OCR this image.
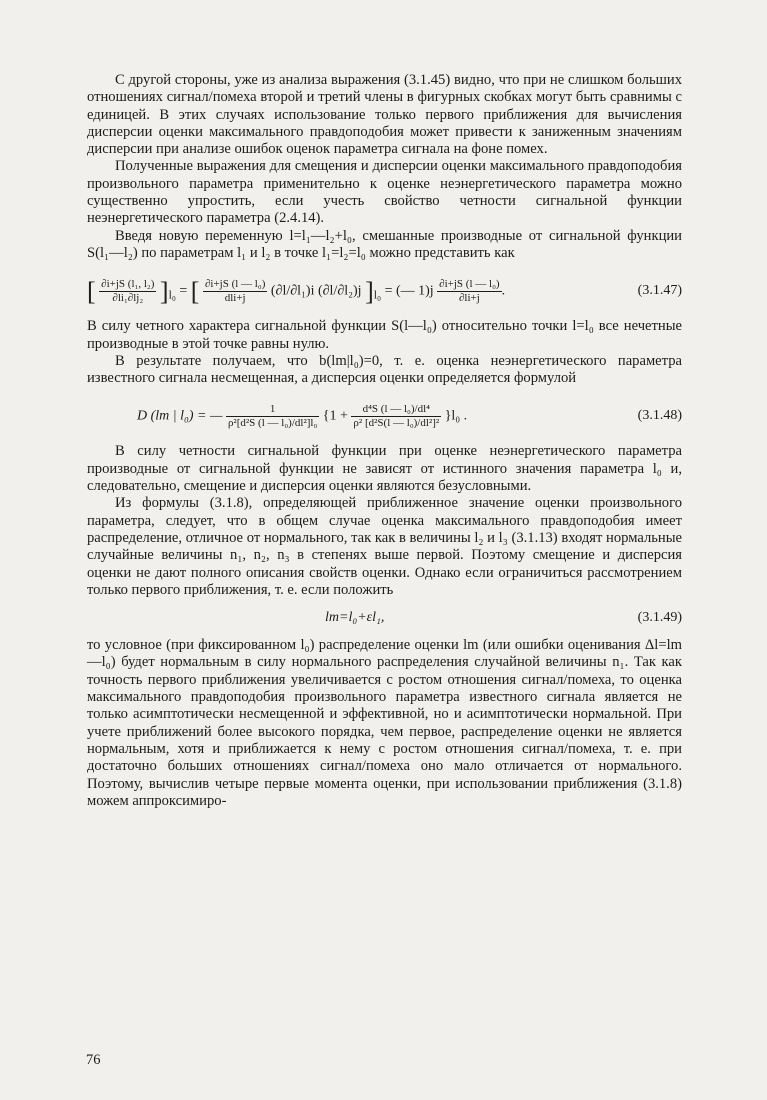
С другой стороны, уже из анализа выражения (3.1.45) видно, что при не слишком больших отношениях сигнал/помеха второй и третий члены в фигурных скобках могут быть сравнимы с единицей. В этих случаях использование только первого приближения для вычисления дисперсии оценки максимального правдоподобия может привести к заниженным значениям дисперсии при анализе ошибок оценок параметра сигнала на фоне помех.

Полученные выражения для смещения и дисперсии оценки максимального правдоподобия произвольного параметра применительно к оценке неэнергетического параметра можно существенно упростить, если учесть свойство четности сигнальной функции неэнергетического параметра (2.4.14).

Введя новую переменную l=l₁—l₂+l₀, смешанные производные от сигнальной функции S(l₁—l₂) по параметрам l₁ и l₂ в точке l₁=l₂=l₀ можно представить как

[ $\frac{\text{∂i+jS (l₁, l₂)}}{\text{∂li₁∂lj₂}} ]_{l_0}$ = [ $\frac{\text{∂i+jS (l — l₀)}}{\text{dli+j}} (\partial l/\partial l_1)i$ (∂l/∂l₂)j ]$_{l_0}$ = (— $1)j \frac{\text{∂i+jS (l — l₀)}}{\partial li+j}$ .	(3.1.47)

В силу четного характера сигнальной функции S(l—l₀) относительно точки l=l₀ все нечетные производные в этой точке равны нулю.

В результате получаем, что b(lm|l₀)=0, т. е. оценка неэнергетического параметра известного сигнала несмещенная, а дисперсия оценки определяется формулой

D (lm | l₀) = — $\frac{1}{\text{ρ²[d²S (l — l₀)/dl²]l₀}} \{1 + \frac{\text{d⁴S (l — l₀)/dl⁴}}{\text{ρ² [d²S(l — l₀)/dl²]²}} \}l_0$ .	(3.1.48)

В силу четности сигнальной функции при оценке неэнергетического параметра производные от сигнальной функции не зависят от истинного значения параметра l₀ и, следовательно, смещение и дисперсия оценки являются безусловными.

Из формулы (3.1.8), определяющей приближенное значение оценки произвольного параметра, следует, что в общем случае оценка максимального правдоподобия имеет распределение, отличное от нормального, так как в величины l₂ и l₃ (3.1.13) входят нормальные случайные величины n₁, n₂, n₃ в степенях выше первой. Поэтому смещение и дисперсия оценки не дают полного описания свойств оценки. Однако если ограничиться рассмотрением только первого приближения, т. е. если положить

lm=l₀+εl₁,	(3.1.49)

то условное (при фиксированном l₀) распределение оценки lm (или ошибки оценивания Δl=lm—l₀) будет нормальным в силу нормального распределения случайной величины n₁. Так как точность первого приближения увеличивается с ростом отношения сигнал/помеха, то оценка максимального правдоподобия произвольного параметра известного сигнала является не только асимптотически несмещенной и эффективной, но и асимптотически нормальной. При учете приближений более высокого порядка, чем первое, распределение оценки не является нормальным, хотя и приближается к нему с ростом отношения сигнал/помеха, т. е. при достаточно больших отношениях сигнал/помеха оно мало отличается от нормального. Поэтому, вычислив четыре первые момента оценки, при использовании приближения (3.1.8) можем аппроксимиро-

76
